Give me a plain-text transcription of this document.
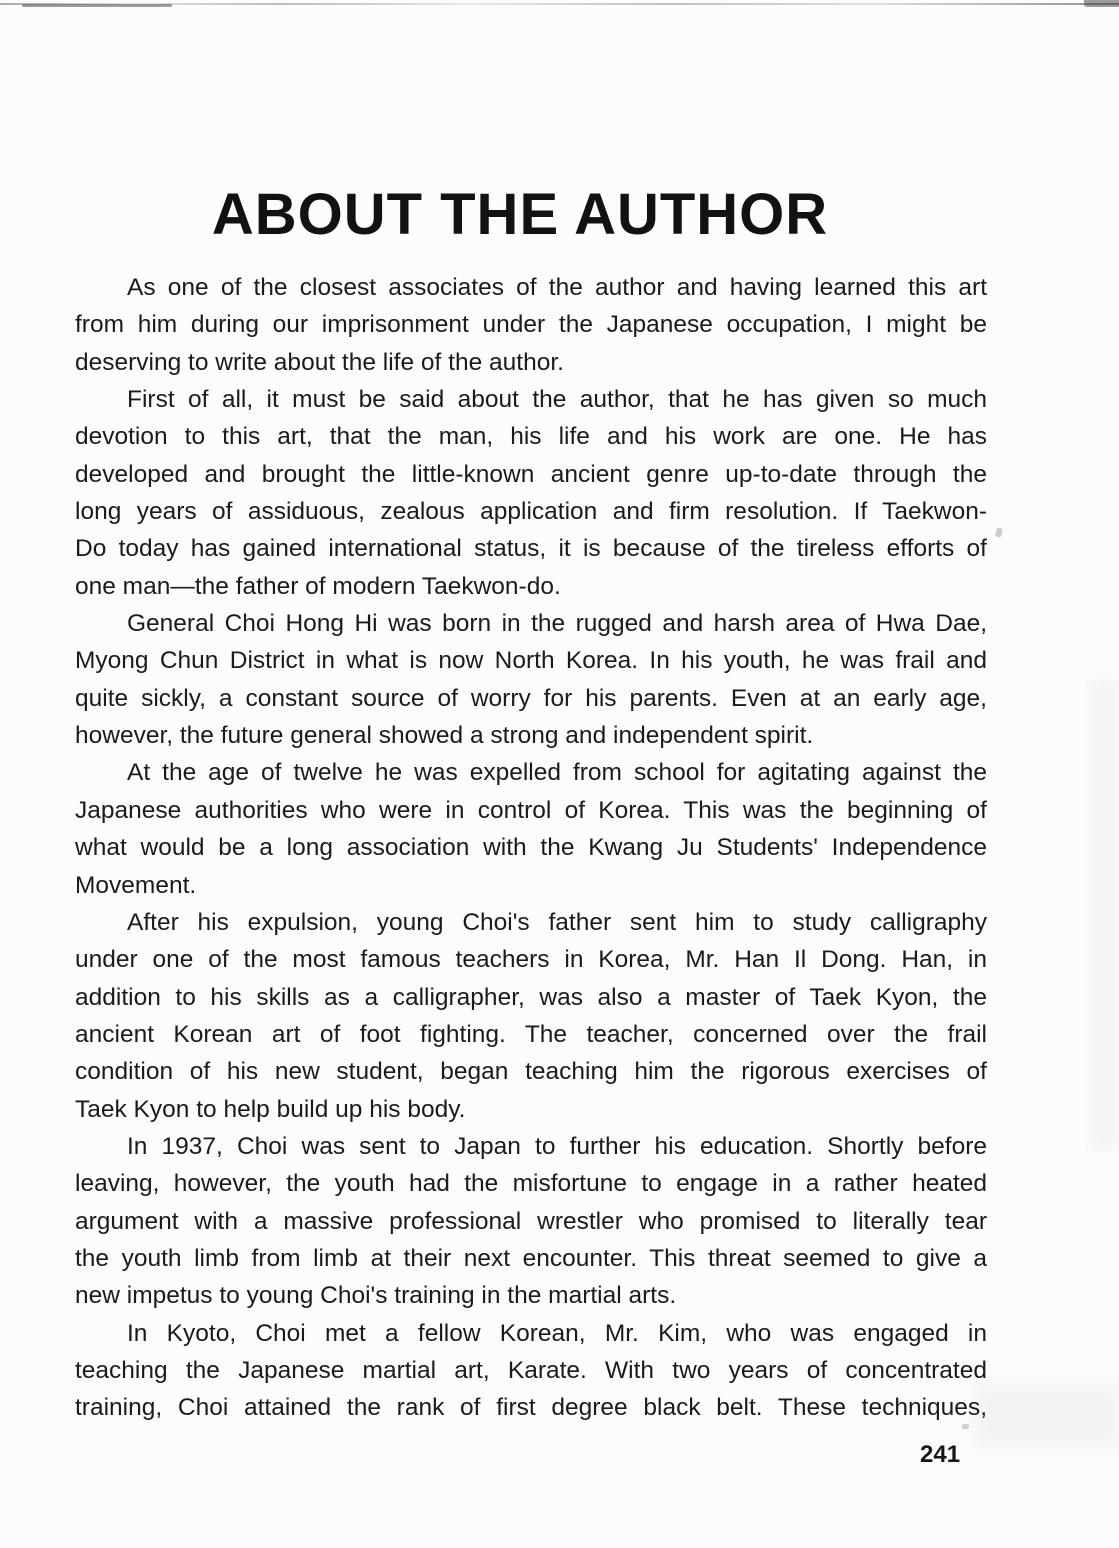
ABOUT THE AUTHOR
As one of the closest associates of the author and having learned this art
from him during our imprisonment under the Japanese occupation, I might be
deserving to write about the life of the author.
First of all, it must be said about the author, that he has given so much
devotion to this art, that the man, his life and his work are one. He has
developed and brought the little-known ancient genre up-to-date through the
long years of assiduous, zealous application and firm resolution. If Taekwon-
Do today has gained international status, it is because of the tireless efforts of
one man—the father of modern Taekwon-do.
General Choi Hong Hi was born in the rugged and harsh area of Hwa Dae,
Myong Chun District in what is now North Korea. In his youth, he was frail and
quite sickly, a constant source of worry for his parents. Even at an early age,
however, the future general showed a strong and independent spirit.
At the age of twelve he was expelled from school for agitating against the
Japanese authorities who were in control of Korea. This was the beginning of
what would be a long association with the Kwang Ju Students' Independence
Movement.
After his expulsion, young Choi's father sent him to study calligraphy
under one of the most famous teachers in Korea, Mr. Han Il Dong. Han, in
addition to his skills as a calligrapher, was also a master of Taek Kyon, the
ancient Korean art of foot fighting. The teacher, concerned over the frail
condition of his new student, began teaching him the rigorous exercises of
Taek Kyon to help build up his body.
In 1937, Choi was sent to Japan to further his education. Shortly before
leaving, however, the youth had the misfortune to engage in a rather heated
argument with a massive professional wrestler who promised to literally tear
the youth limb from limb at their next encounter. This threat seemed to give a
new impetus to young Choi's training in the martial arts.
In Kyoto, Choi met a fellow Korean, Mr. Kim, who was engaged in
teaching the Japanese martial art, Karate. With two years of concentrated
training, Choi attained the rank of first degree black belt. These techniques,
241
